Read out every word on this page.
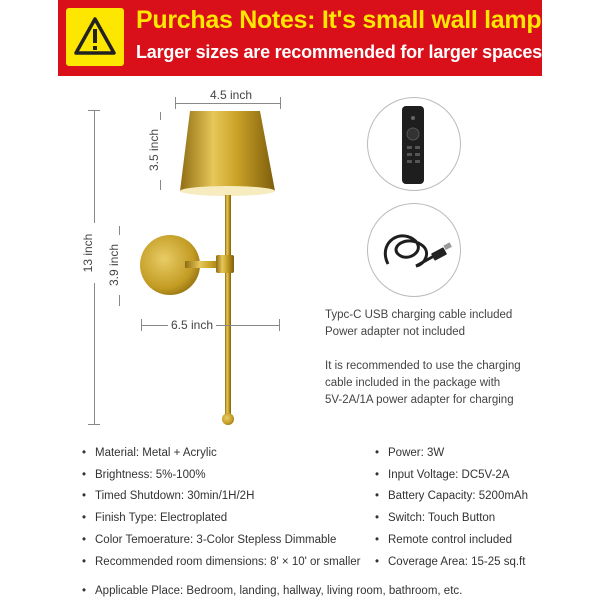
Purchas Notes: It's small wall lamp
Larger sizes are recommended for larger spaces
4.5 inch
3.5 inch
13 inch 3.9 inch
6.5 inch
Typc-C USB charging cable included
Power adapter not included
It is recommended to use the charging
cable included in the package with
5V-2A/1A power adapter for charging
• Material: Metal + Acrylic
• Brightness: 5%-100%
• Timed Shutdown: 30min/1H/2H
• Finish Type: Electroplated
• Color Temoerature: 3-Color Stepless Dimmable
• Recommended room dimensions: 8' × 10' or smaller
• Power: 3W
• Input Voltage: DC5V-2A
• Battery Capacity: 5200mAh
• Switch: Touch Button
• Remote control included
• Coverage Area: 15-25 sq.ft
• Applicable Place: Bedroom, landing, hallway, living room, bathroom, etc.
